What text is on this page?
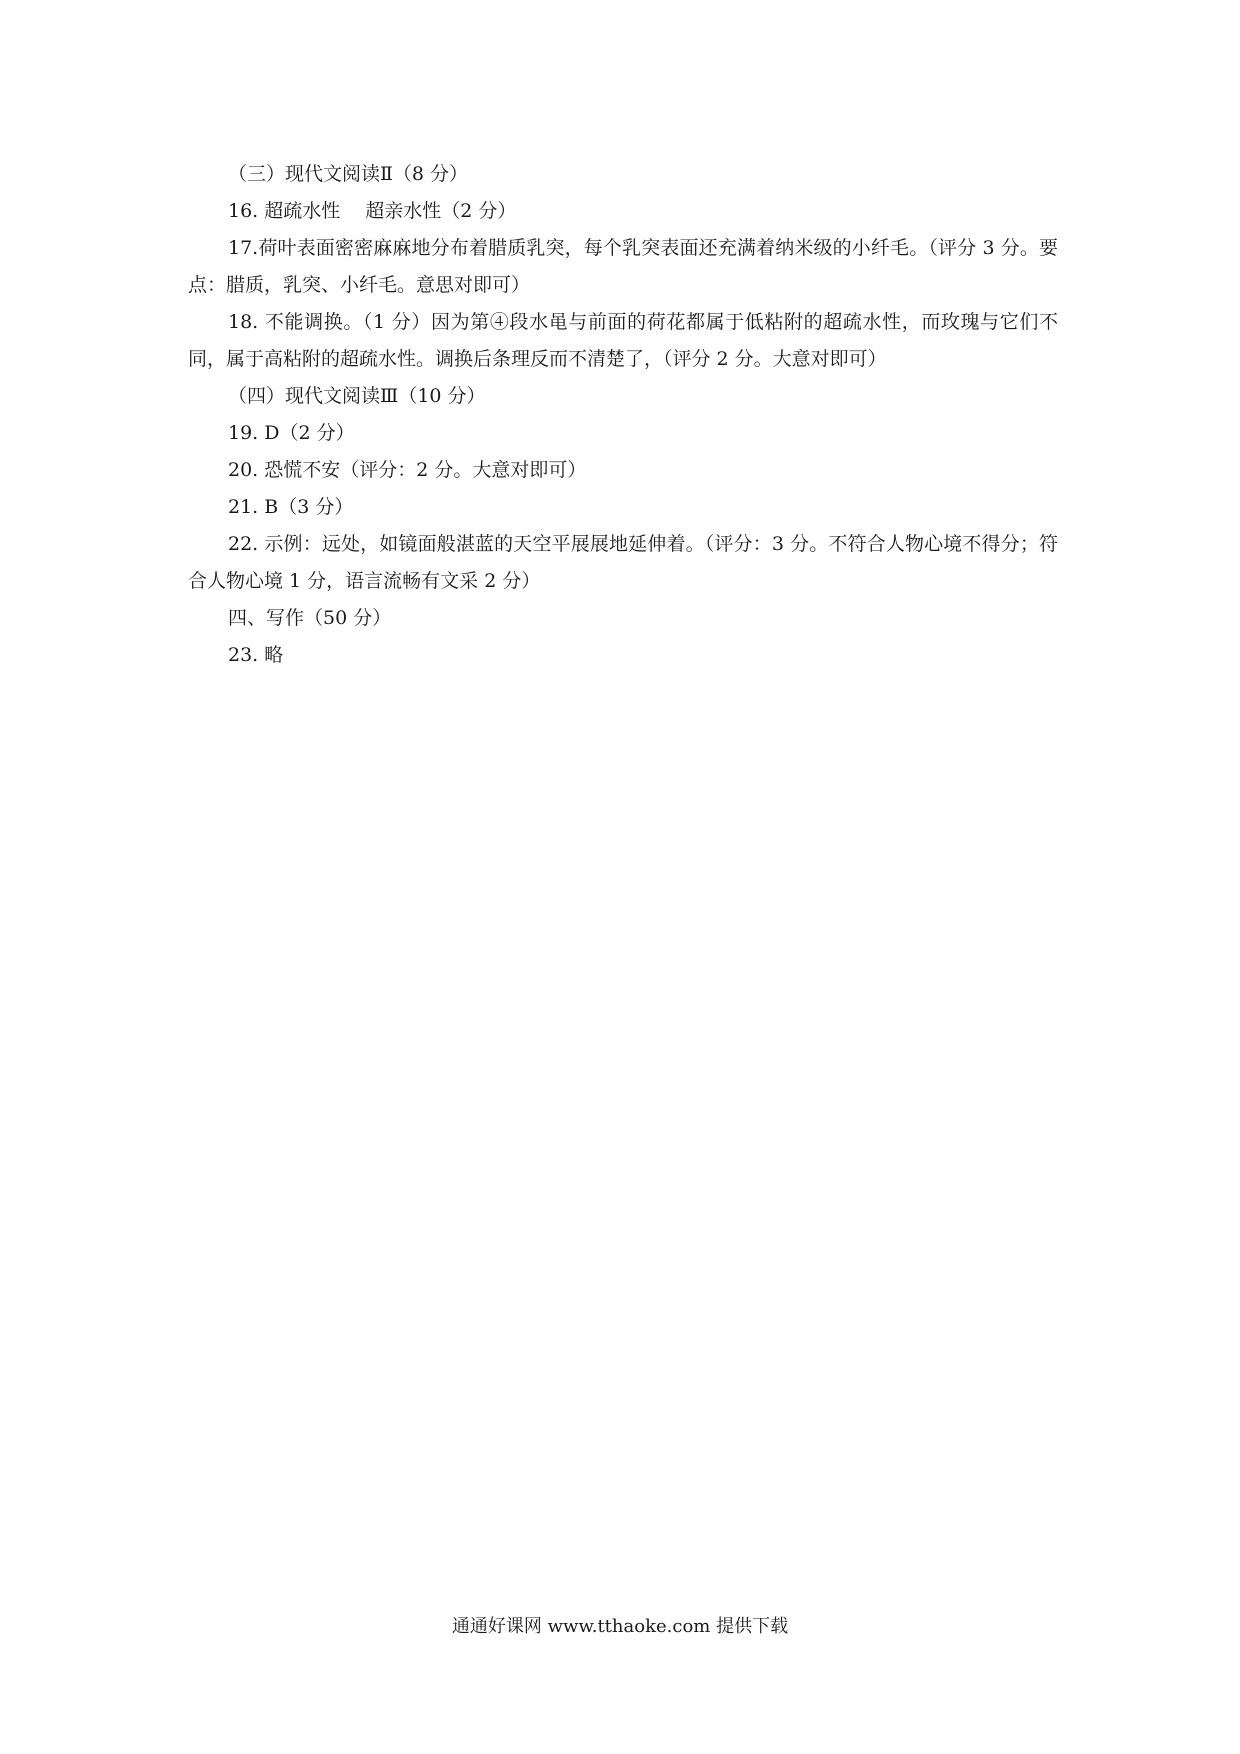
（三）现代文阅读Ⅱ（8 分）

16. 超疏水性　 超亲水性（2 分）

17.荷叶表面密密麻麻地分布着腊质乳突，每个乳突表面还充满着纳米级的小纤毛。（评分 3 分。要点：腊质，乳突、小纤毛。意思对即可）

18. 不能调换。（1 分）因为第④段水黾与前面的荷花都属于低粘附的超疏水性，而玫瑰与它们不同，属于高粘附的超疏水性。调换后条理反而不清楚了，（评分 2 分。大意对即可）

（四）现代文阅读Ⅲ（10 分）

19. D（2 分）

20. 恐慌不安（评分：2 分。大意对即可）

21. B（3 分）

22. 示例：远处，如镜面般湛蓝的天空平展展地延伸着。（评分：3 分。不符合人物心境不得分；符合人物心境 1 分，语言流畅有文采 2 分）

四、写作（50 分）

23. 略

通通好课网 www.tthaoke.com 提供下载
